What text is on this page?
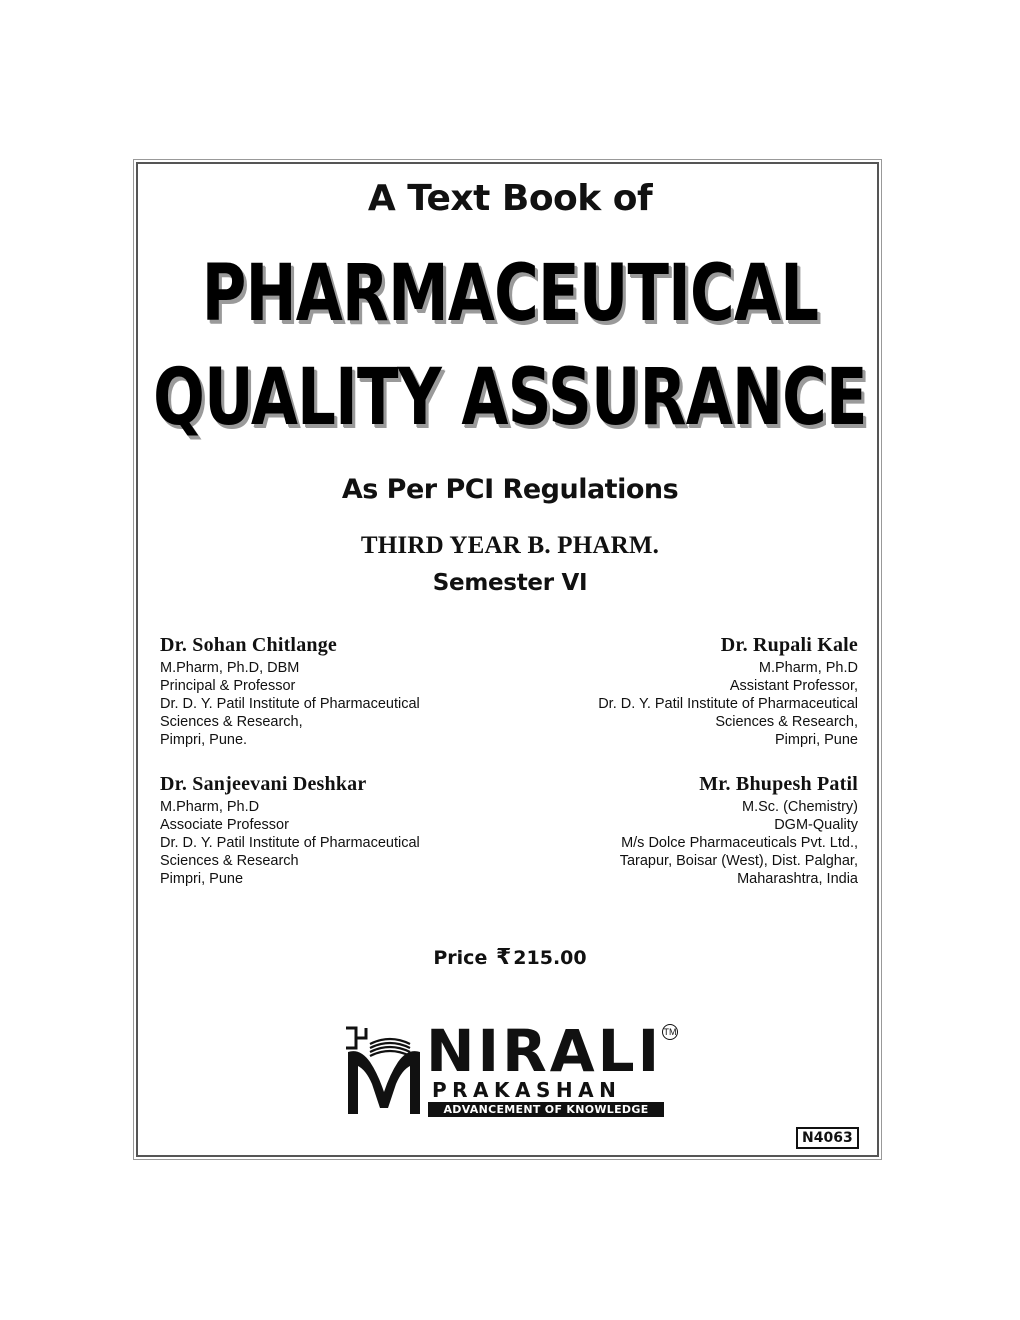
A Text Book of
PHARMACEUTICAL
QUALITY ASSURANCE
As Per PCI Regulations
THIRD YEAR B. PHARM.
Semester VI
Dr. Sohan Chitlange
M.Pharm, Ph.D, DBM
Principal & Professor
Dr. D. Y. Patil Institute of Pharmaceutical
Sciences & Research,
Pimpri, Pune.
Dr. Rupali Kale
M.Pharm, Ph.D
Assistant Professor,
Dr. D. Y. Patil Institute of Pharmaceutical
Sciences & Research,
Pimpri, Pune
Dr. Sanjeevani Deshkar
M.Pharm, Ph.D
Associate Professor
Dr. D. Y. Patil Institute of Pharmaceutical
Sciences & Research
Pimpri, Pune
Mr. Bhupesh Patil
M.Sc. (Chemistry)
DGM-Quality
M/s Dolce Pharmaceuticals Pvt. Ltd.,
Tarapur, Boisar (West), Dist. Palghar,
Maharashtra, India
Price ₹ 215.00
NIRALI TM
PRAKASHAN
ADVANCEMENT OF KNOWLEDGE
N4063
